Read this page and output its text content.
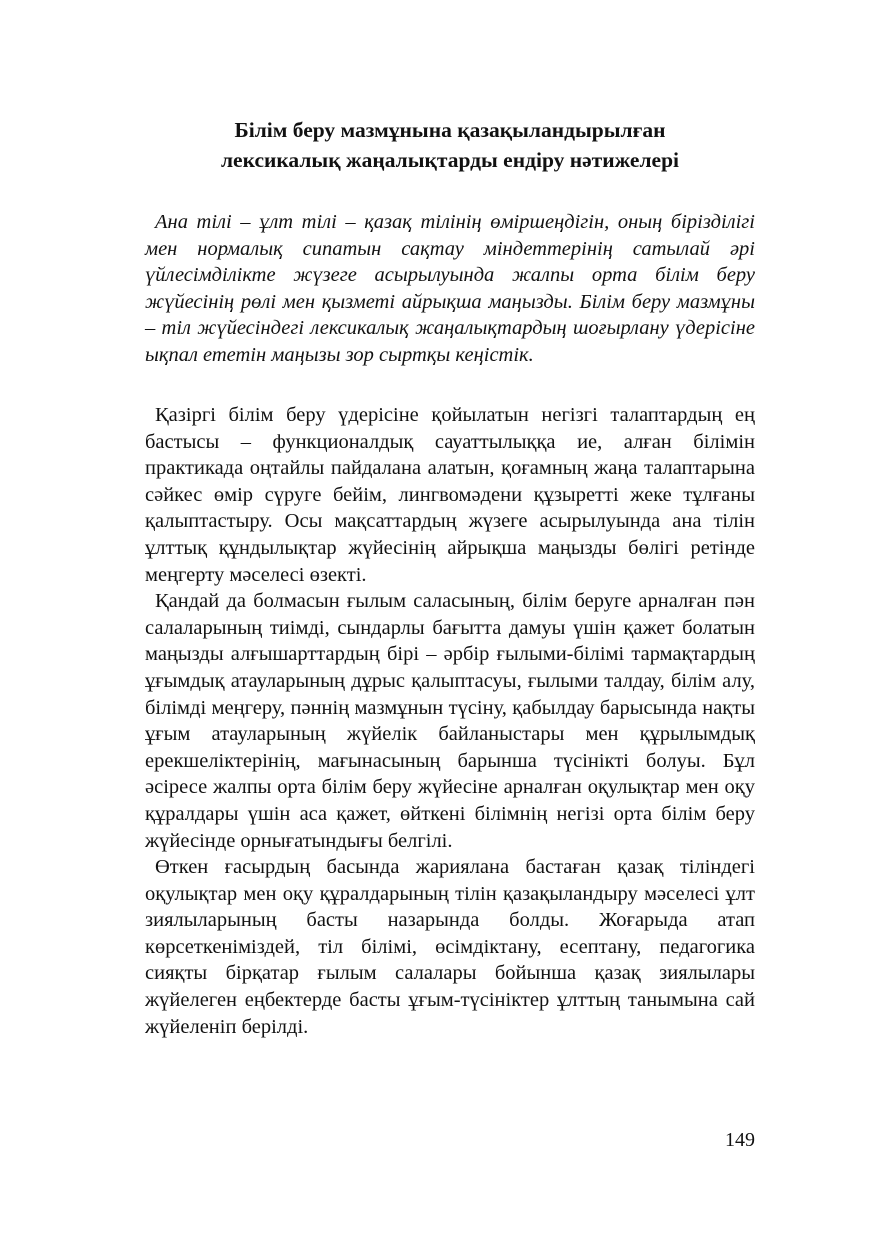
Білім беру мазмұнына қазақыландырылған
лексикалық жаңалықтарды ендіру нәтижелері

Ана тілі – ұлт тілі – қазақ тілінің өміршеңдігін, оның бірізділігі мен нормалық сипатын сақтау міндеттерінің сатылай әрі үйлесімділікте жүзеге асырылуында жалпы орта білім беру жүйесінің рөлі мен қызметі айрықша маңызды. Білім беру мазмұны – тіл жүйесіндегі лексикалық жаңалықтардың шоғырлану үдерісіне ықпал ететін маңызы зор сыртқы кеңістік.

Қазіргі білім беру үдерісіне қойылатын негізгі талаптардың ең бастысы – функционалдық сауаттылыққа ие, алған білімін практикада оңтайлы пайдалана алатын, қоғамның жаңа талаптарына сәйкес өмір сүруге бейім, лингвомәдени құзыретті жеке тұлғаны қалыптастыру. Осы мақсаттардың жүзеге асырылуында ана тілін ұлттық құндылықтар жүйесінің айрықша маңызды бөлігі ретінде меңгерту мәселесі өзекті.

Қандай да болмасын ғылым саласының, білім беруге арналған пән салаларының тиімді, сындарлы бағытта дамуы үшін қажет болатын маңызды алғышарттардың бірі – әрбір ғылыми-білімі тармақтардың ұғымдық атауларының дұрыс қалыптасуы, ғылыми талдау, білім алу, білімді меңгеру, пәннің мазмұнын түсіну, қабылдау барысында нақты ұғым атауларының жүйелік байланыстары мен құрылымдық ерекшеліктерінің, мағынасының барынша түсінікті болуы. Бұл әсіресе жалпы орта білім беру жүйесіне арналған оқулықтар мен оқу құралдары үшін аса қажет, өйткені білімнің негізі орта білім беру жүйесінде орнығатындығы белгілі.

Өткен ғасырдың басында жариялана бастаған қазақ тіліндегі оқулықтар мен оқу құралдарының тілін қазақыландыру мәселесі ұлт зиялыларының басты назарында болды. Жоғарыда атап көрсеткеніміздей, тіл білімі, өсімдіктану, есептану, педагогика сияқты бірқатар ғылым салалары бойынша қазақ зиялылары жүйелеген еңбектерде басты ұғым-түсініктер ұлттың танымына сай жүйеленіп берілді.

149
